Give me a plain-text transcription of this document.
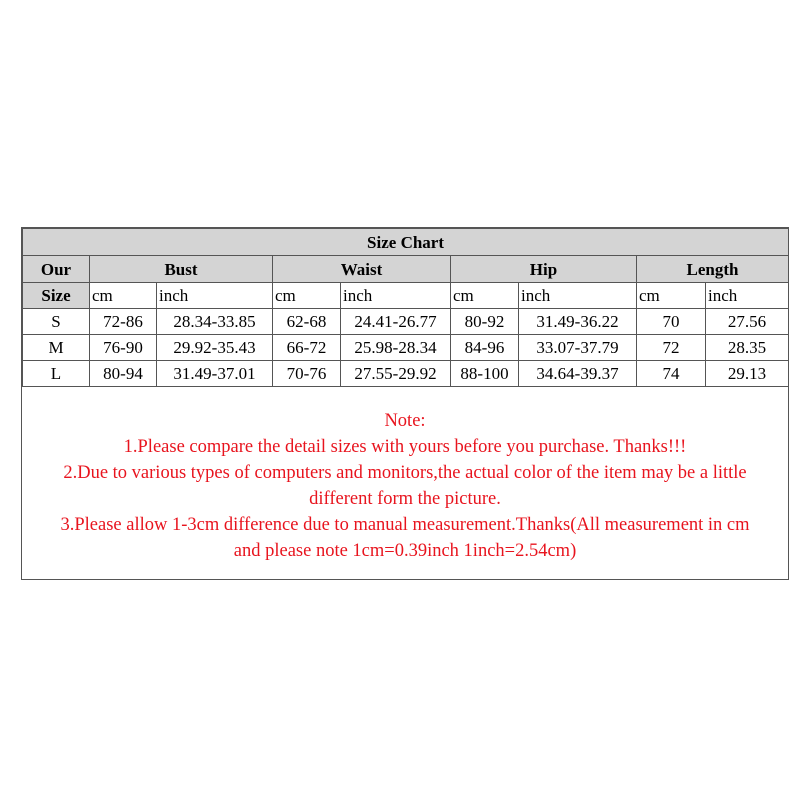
Size Chart								
Our	Bust		Waist		Hip		Length	
Size	cm	inch	cm	inch	cm	inch	cm	inch
S	72-86	28.34-33.85	62-68	24.41-26.77	80-92	31.49-36.22	70	27.56
M	76-90	29.92-35.43	66-72	25.98-28.34	84-96	33.07-37.79	72	28.35
L	80-94	31.49-37.01	70-76	27.55-29.92	88-100	34.64-39.37	74	29.13
Note:
1.Please compare the detail sizes with yours before you purchase. Thanks!!!
2.Due to various types of computers and monitors,the actual color of the item may be a little
different form the picture.
3.Please allow 1-3cm difference due to manual measurement.Thanks(All measurement in cm
and please note 1cm=0.39inch 1inch=2.54cm)
